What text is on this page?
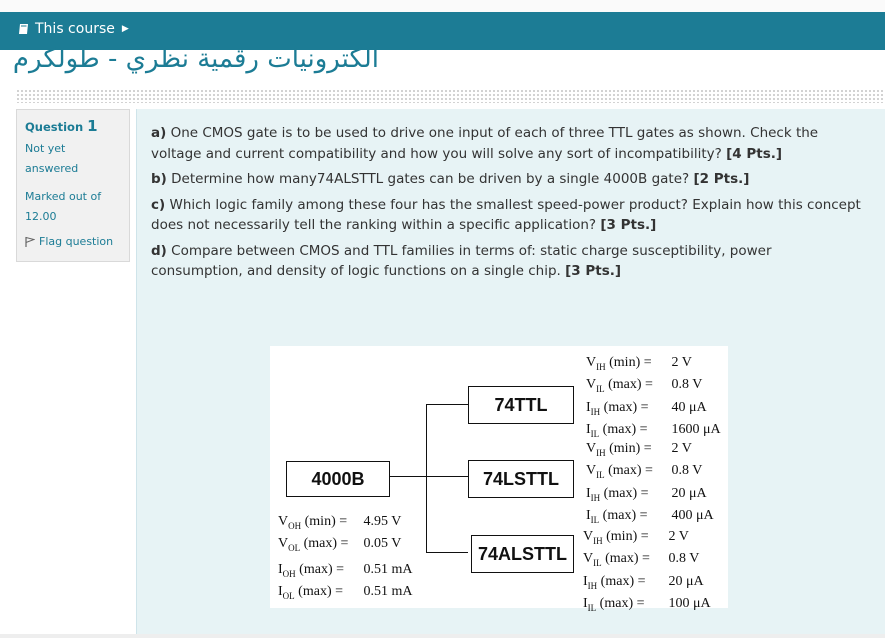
This course ▶
الكترونيات رقمية نظري - طولكرم
Question 1
Not yet answered
Marked out of 12.00
Flag question

a) One CMOS gate is to be used to drive one input of each of three TTL gates as shown. Check the voltage and current compatibility and how you will solve any sort of incompatibility? [4 Pts.]

b) Determine how many74ALSTTL gates can be driven by a single 4000B gate? [2 Pts.]

c) Which logic family among these four has the smallest speed-power product? Explain how this concept does not necessarily tell the ranking within a specific application? [3 Pts.]

d) Compare between CMOS and TTL families in terms of: static charge susceptibility, power consumption, and density of logic functions on a single chip. [3 Pts.]

4000B
74TTL
74LSTTL
74ALSTTL
$V_{OH}$ (min) = 4.95 V
$V_{OL}$ (max) = 0.05 V
$I_{OH}$ (max) = 0.51 mA
$I_{OL}$ (max) = 0.51 mA
$V_{IH}$ (min) = 2 V
$V_{IL}$ (max) = 0.8 V
$I_{IH}$ (max) = 40 μA
$I_{IL}$ (max) = 1600 μA
$V_{IH}$ (min) = 2 V
$V_{IL}$ (max) = 0.8 V
$I_{IH}$ (max) = 20 μA
$I_{IL}$ (max) = 400 μA
$V_{IH}$ (min) = 2 V
$V_{IL}$ (max) = 0.8 V
$I_{IH}$ (max) = 20 μA
$I_{IL}$ (max) = 100 μA
